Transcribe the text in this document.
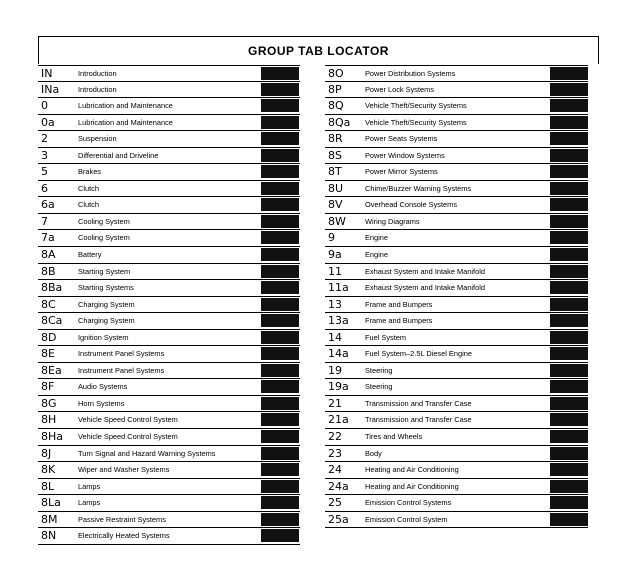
GROUP TAB LOCATOR
IN	Introduction
INa	Introduction
0	Lubrication and Maintenance
0a	Lubrication and Maintenance
2	Suspension
3	Differential and Driveline
5	Brakes
6	Clutch
6a	Clutch
7	Cooling System
7a	Cooling System
8A	Battery
8B	Starting System
8Ba Starting Systems
8C	Charging System
8Ca Charging System
8D	Ignition System
8E	Instrument Panel Systems
8Ea Instrument Panel Systems
8F	Audio Systems
8G	Horn Systems
8H	Vehicle Speed Control System
8Ha Vehicle Speed Control System
8J	Turn Signal and Hazard Warning Systems
8K	Wiper and Washer Systems
8L	Lamps
8La Lamps
8M	Passive Restraint Systems
8N	Electrically Heated Systems
8O	Power Distribution Systems
8P	Power Lock Systems
8Q	Vehicle Theft/Security Systems
8Qa Vehicle Theft/Security Systems
8R	Power Seats Systems
8S	Power Window Systems
8T	Power Mirror Systems
8U	Chime/Buzzer Warning Systems
8V	Overhead Console Systems
8W	Wiring Diagrams
9	Engine
9a	Engine
11	Exhaust System and Intake Manifold
11a Exhaust System and Intake Manifold
13	Frame and Bumpers
13a Frame and Bumpers
14	Fuel System
14a Fuel System–2.5L Diesel Engine
19	Steering
19a Steering
21	Transmission and Transfer Case
21a Transmission and Transfer Case
22	Tires and Wheels
23	Body
24	Heating and Air Conditioning
24a Heating and Air Conditioning
25	Emission Control Systems
25a Emission Control System
